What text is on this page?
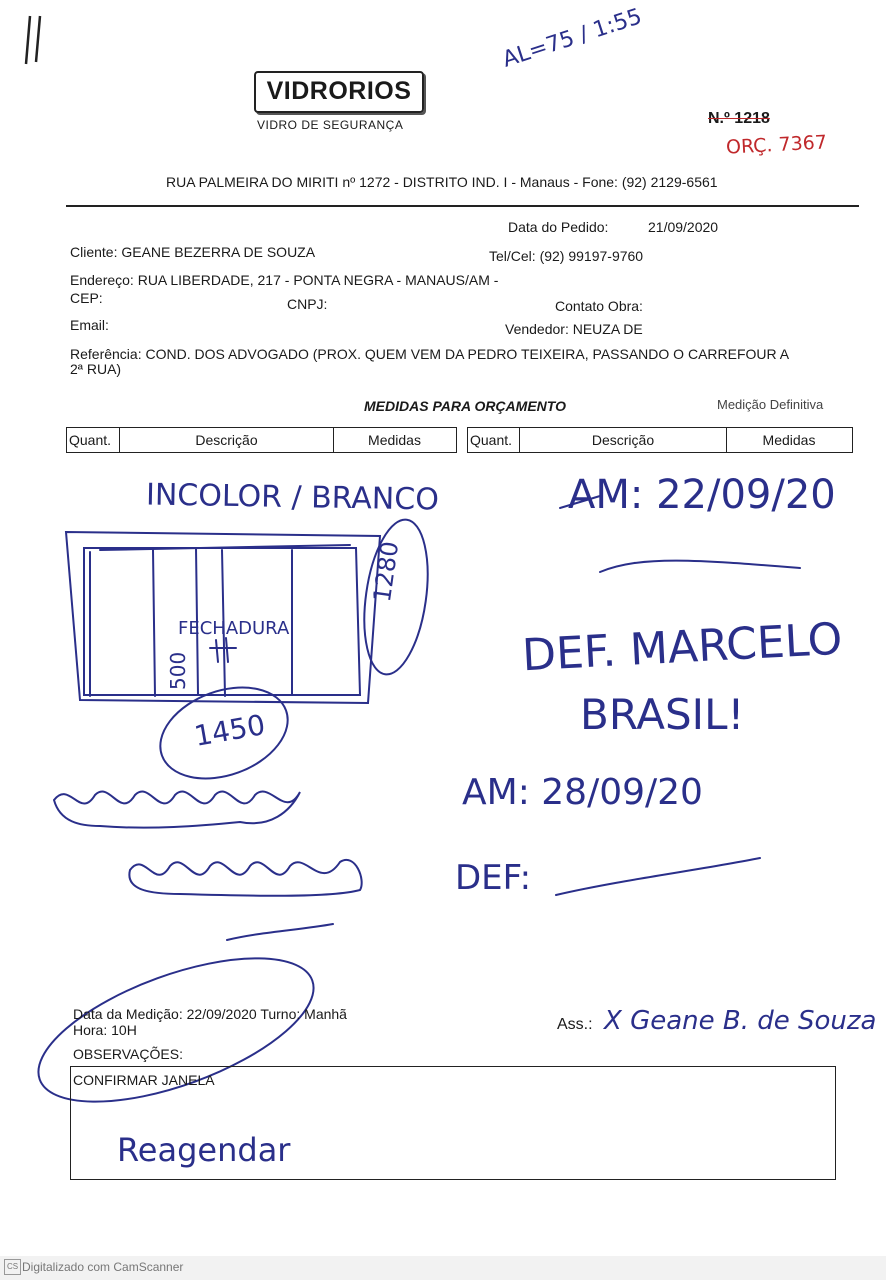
VIDRORIOS
VIDRO DE SEGURANÇA
AL=75 / 1:55
N.º 1218
ORÇ. 7367
RUA PALMEIRA DO MIRITI nº 1272 - DISTRITO IND. I - Manaus - Fone: (92) 2129-6561
Data do Pedido:	21/09/2020
Cliente: GEANE BEZERRA DE SOUZA	Tel/Cel: (92) 99197-9760
Endereço: RUA LIBERDADE, 217 - PONTA NEGRA - MANAUS/AM -
CEP:	CNPJ:	Contato Obra:
Email:	Vendedor: NEUZA DE
Referência: COND. DOS ADVOGADO (PROX. QUEM VEM DA PEDRO TEIXEIRA, PASSANDO O CARREFOUR A
2ª RUA)
MEDIDAS PARA ORÇAMENTO	Medição Definitiva
Quant.	Descrição	Medidas	Quant.	Descrição	Medidas
INCOLOR / BRANCO
FECHADURA
1280
1450
500
AM: 22/09/20
DEF. MARCELO
BRASIL!
AM: 28/09/20
DEF:
Data da Medição: 22/09/2020 Turno: Manhã
Hora: 10H
OBSERVAÇÕES:
Ass.: X Geane B. de Souza
CONFIRMAR JANELA
Reagendar
CS Digitalizado com CamScanner
